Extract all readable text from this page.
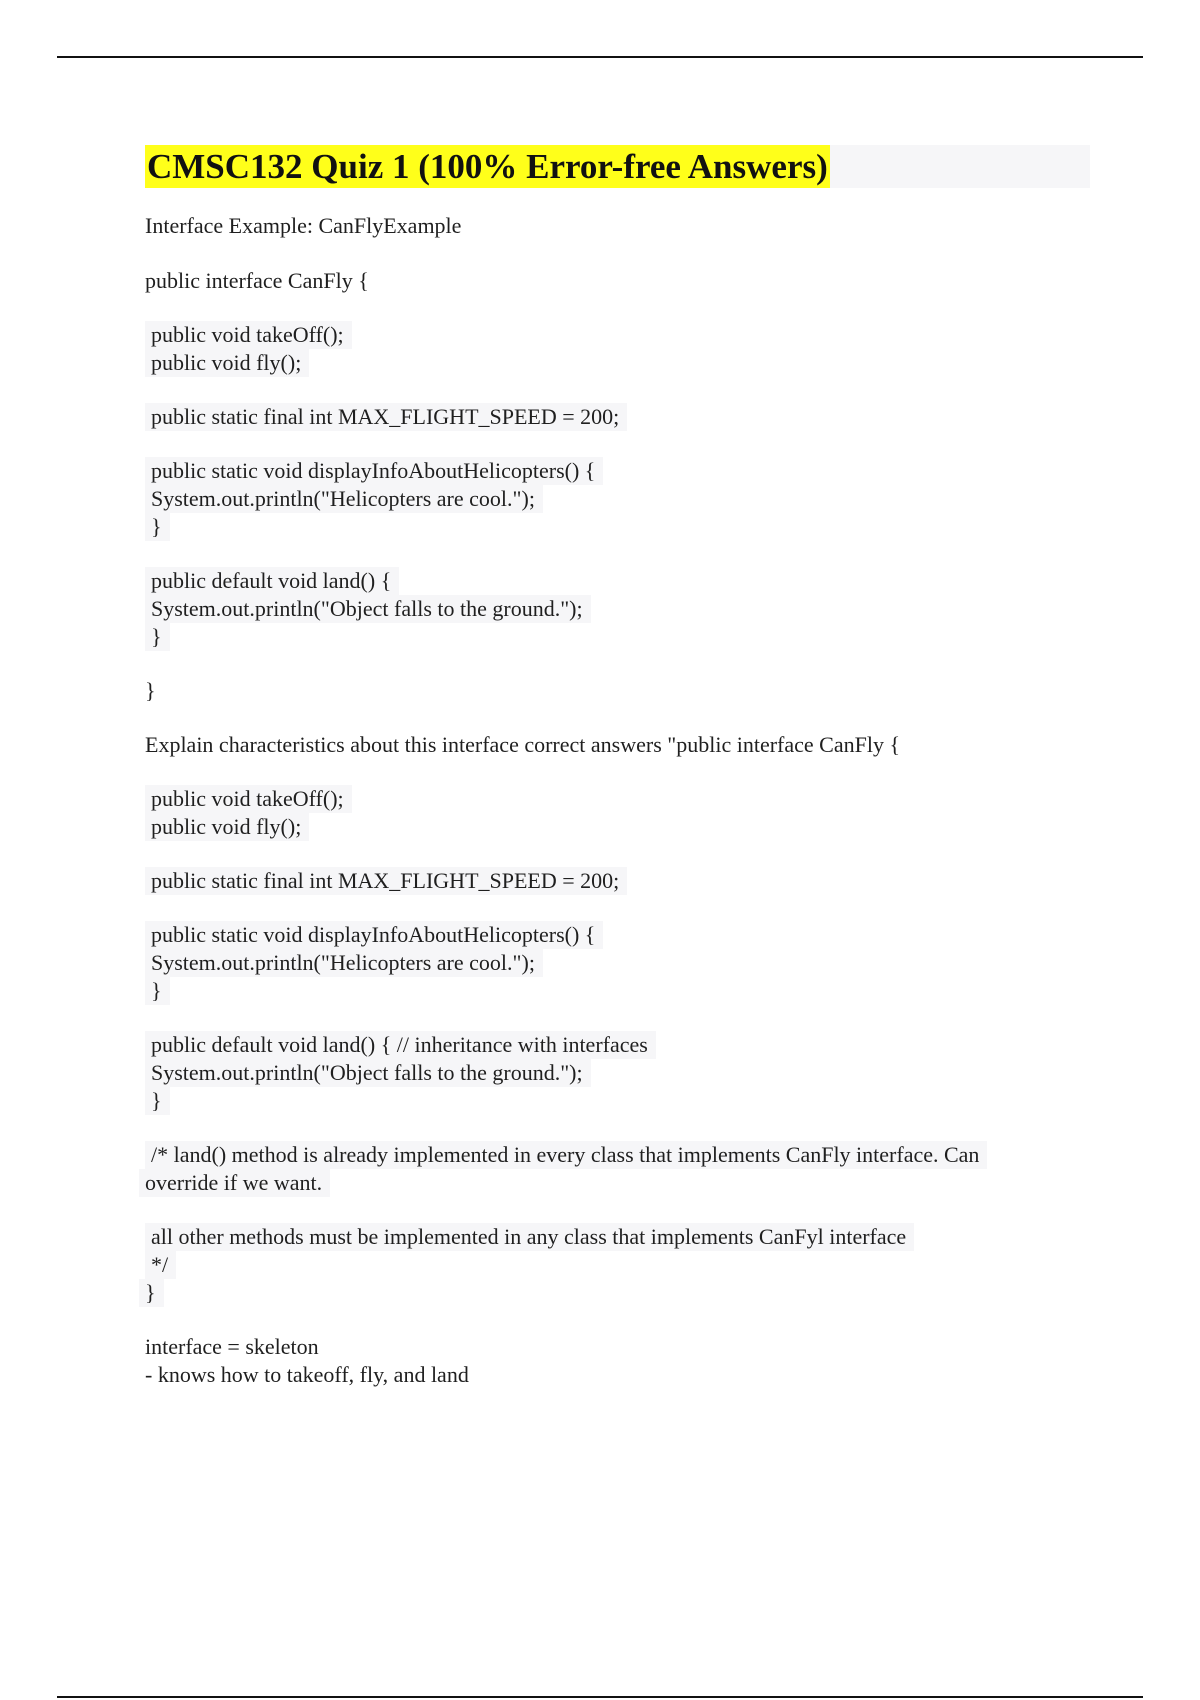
CMSC132 Quiz 1 (100% Error-free Answers)
Interface Example: CanFlyExample
public interface CanFly {
public void takeOff();
public void fly();
public static final int MAX_FLIGHT_SPEED = 200;
public static void displayInfoAboutHelicopters() {
System.out.println("Helicopters are cool.");
}
public default void land() {
System.out.println("Object falls to the ground.");
}
}
Explain characteristics about this interface correct answers "public interface CanFly {
public void takeOff();
public void fly();
public static final int MAX_FLIGHT_SPEED = 200;
public static void displayInfoAboutHelicopters() {
System.out.println("Helicopters are cool.");
}
public default void land() { // inheritance with interfaces
System.out.println("Object falls to the ground.");
}
/* land() method is already implemented in every class that implements CanFly interface. Can
override if we want.
all other methods must be implemented in any class that implements CanFyl interface
*/
}
interface = skeleton
- knows how to takeoff, fly, and land
